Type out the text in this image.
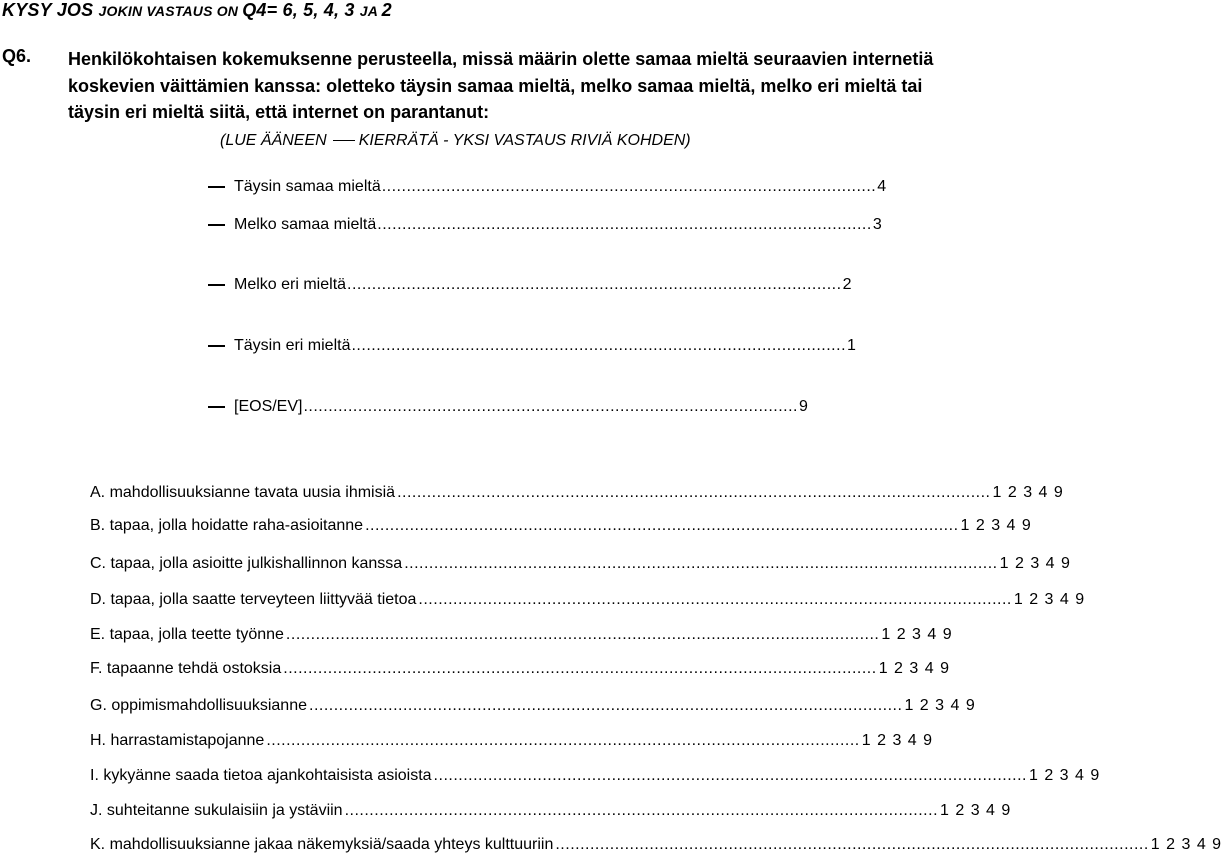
KYSY JOS JOKIN VASTAUS ON Q4= 6, 5, 4, 3 JA 2
Q6. Henkilökohtaisen kokemuksenne perusteella, missä määrin olette samaa mieltä seuraavien internetiä koskevien väittämien kanssa: oletteko täysin samaa mieltä, melko samaa mieltä, melko eri mieltä tai täysin eri mieltä siitä, että internet on parantanut:
(LUE ÄÄNEEN KIERRÄTÄ - YKSI VASTAUS RIVIÄ KOHDEN)
Täysin samaa mieltä .................................................................................................... 4
Melko samaa mieltä .................................................................................................... 3
Melko eri mieltä .................................................................................................... 2
Täysin eri mieltä .................................................................................................... 1
[EOS/EV] .................................................................................................... 9
A. mahdollisuuksianne tavata uusia ihmisiä ........................................................................................................................ 1 2 3 4 9
B. tapaa, jolla hoidatte raha-asioitanne ........................................................................................................................ 1 2 3 4 9
C. tapaa, jolla asioitte julkishallinnon kanssa ........................................................................................................................ 1 2 3 4 9
D. tapaa, jolla saatte terveyteen liittyvää tietoa ........................................................................................................................ 1 2 3 4 9
E. tapaa, jolla teette työnne ........................................................................................................................ 1 2 3 4 9
F. tapaanne tehdä ostoksia ........................................................................................................................ 1 2 3 4 9
G. oppimismahdollisuuksianne ........................................................................................................................ 1 2 3 4 9
H. harrastamistapojanne ........................................................................................................................ 1 2 3 4 9
I. kykyänne saada tietoa ajankohtaisista asioista ........................................................................................................................ 1 2 3 4 9
J. suhteitanne sukulaisiin ja ystäviin ........................................................................................................................ 1 2 3 4 9
K. mahdollisuuksianne jakaa näkemyksiä/saada yhteys kulttuuriin ........................................................................................................................ 1 2 3 4 9
